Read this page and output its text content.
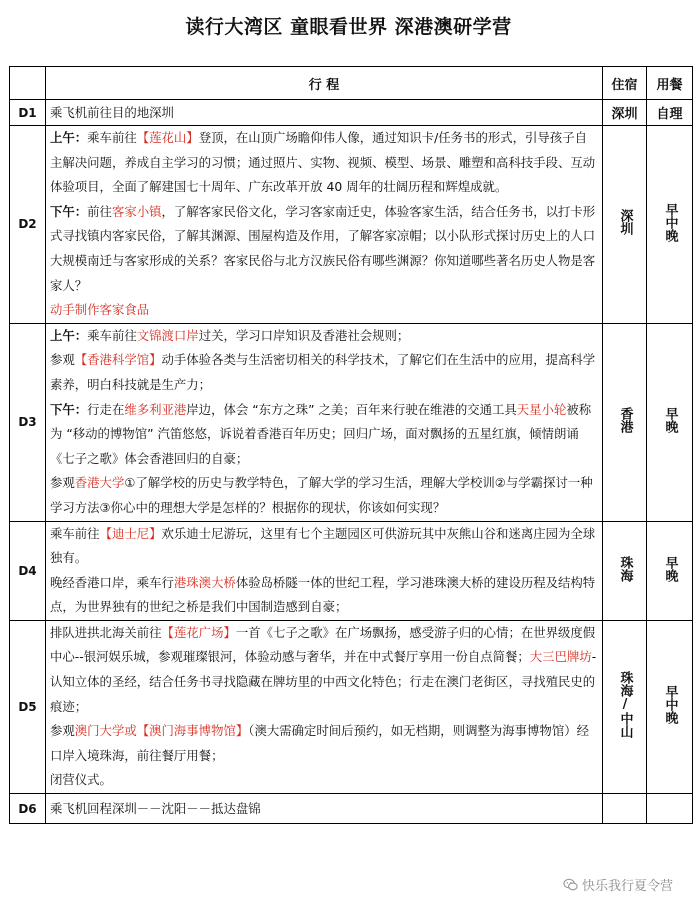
读行大湾区 童眼看世界 深港澳研学营
	行 程	住宿	用餐
D1	乘飞机前往目的地深圳	深圳	自理
D2	上午：乘车前往【莲花山】登顶，在山顶广场瞻仰伟人像，通过知识卡/任务书的形式，引导孩子自主解决问题，养成自主学习的习惯；通过照片、实物、视频、模型、场景、雕塑和高科技手段、互动体验项目，全面了解建国七十周年、广东改革开放 40 周年的壮阔历程和辉煌成就。

下午：前往客家小镇，了解客家民俗文化，学习客家南迁史，体验客家生活，结合任务书，以打卡形式寻找镇内客家民俗，了解其渊源、围屋构造及作用，了解客家凉帽；以小队形式探讨历史上的人口大规模南迁与客家形成的关系？客家民俗与北方汉族民俗有哪些渊源？你知道哪些著名历史人物是客家人？

动手制作客家食品	深圳	早中晚
D3	上午：乘车前往文锦渡口岸过关，学习口岸知识及香港社会规则；

参观【香港科学馆】动手体验各类与生活密切相关的科学技术，了解它们在生活中的应用，提高科学素养，明白科技就是生产力；

下午：行走在维多利亚港岸边，体会 “东方之珠” 之美；百年来行驶在维港的交通工具天星小轮被称为 “移动的博物馆” 汽笛悠悠，诉说着香港百年历史；回归广场，面对飘扬的五星红旗，倾情朗诵《七子之歌》体会香港回归的自豪；

参观香港大学①了解学校的历史与教学特色，了解大学的学习生活，理解大学校训②与学霸探讨一种学习方法③你心中的理想大学是怎样的？根据你的现状，你该如何实现？	香港	早晚
D4	乘车前往【迪士尼】欢乐迪士尼游玩，这里有七个主题园区可供游玩其中灰熊山谷和迷离庄园为全球独有。

晚经香港口岸，乘车行港珠澳大桥体验岛桥隧一体的世纪工程，学习港珠澳大桥的建设历程及结构特点，为世界独有的世纪之桥是我们中国制造感到自豪；	珠海	早晚
D5	排队进拱北海关前往【莲花广场】一首《七子之歌》在广场飘扬，感受游子归的心情；在世界级度假中心--银河娱乐城，参观璀璨银河，体验动感与奢华，并在中式餐厅享用一份自点简餐；大三巴牌坊-认知立体的圣经，结合任务书寻找隐藏在牌坊里的中西文化特色；行走在澳门老街区，寻找殖民史的痕迹；

参观澳门大学或【澳门海事博物馆】（澳大需确定时间后预约，如无档期，则调整为海事博物馆）经口岸入境珠海，前往餐厅用餐；

闭营仪式。	珠海/中山	早中晚
D6	乘飞机回程深圳－－沈阳－－抵达盘锦		
快乐我行夏令营
